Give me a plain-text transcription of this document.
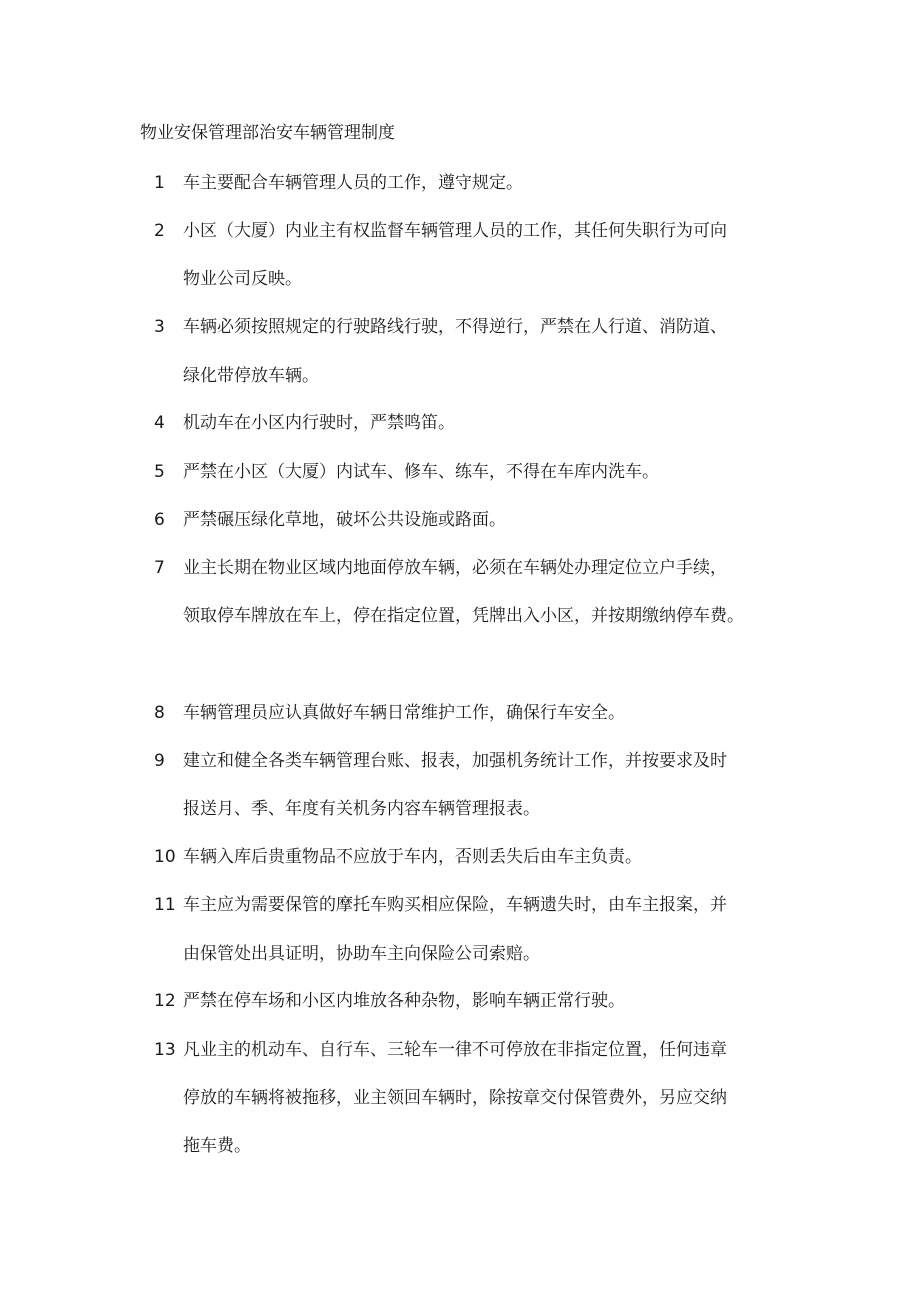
物业安保管理部治安车辆管理制度
1 车主要配合车辆管理人员的工作，遵守规定。
2 小区（大厦）内业主有权监督车辆管理人员的工作，其任何失职行为可向
物业公司反映。
3 车辆必须按照规定的行驶路线行驶，不得逆行，严禁在人行道、消防道、
绿化带停放车辆。
4 机动车在小区内行驶时，严禁鸣笛。
5 严禁在小区（大厦）内试车、修车、练车，不得在车库内洗车。
6 严禁碾压绿化草地，破坏公共设施或路面。
7 业主长期在物业区域内地面停放车辆，必须在车辆处办理定位立户手续，
领取停车牌放在车上，停在指定位置，凭牌出入小区，并按期缴纳停车费。
8 车辆管理员应认真做好车辆日常维护工作，确保行车安全。
9 建立和健全各类车辆管理台账、报表，加强机务统计工作，并按要求及时
报送月、季、年度有关机务内容车辆管理报表。
10 车辆入库后贵重物品不应放于车内，否则丢失后由车主负责。
11 车主应为需要保管的摩托车购买相应保险，车辆遗失时，由车主报案，并
由保管处出具证明，协助车主向保险公司索赔。
12 严禁在停车场和小区内堆放各种杂物，影响车辆正常行驶。
13 凡业主的机动车、自行车、三轮车一律不可停放在非指定位置，任何违章
停放的车辆将被拖移，业主领回车辆时，除按章交付保管费外，另应交纳
拖车费。
